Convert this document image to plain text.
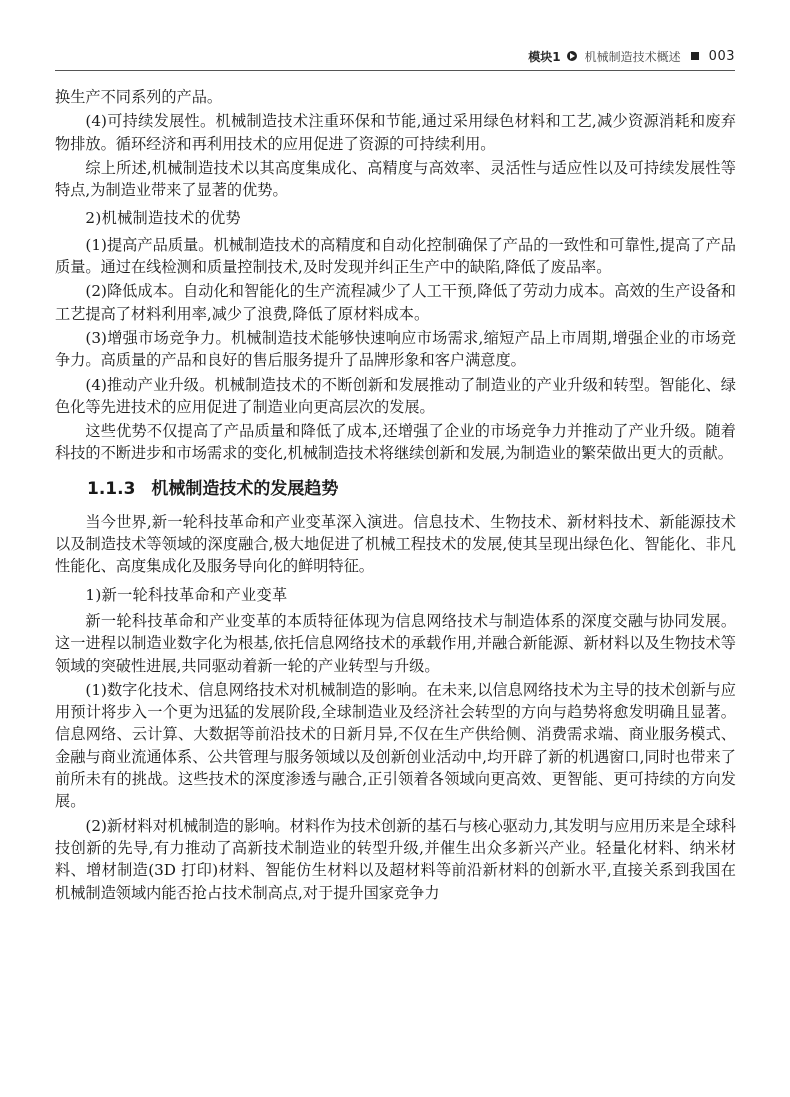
模块1 机械制造技术概述 003

换生产不同系列的产品。

(4)可持续发展性。机械制造技术注重环保和节能,通过采用绿色材料和工艺,减少资源消耗和废弃物排放。循环经济和再利用技术的应用促进了资源的可持续利用。

综上所述,机械制造技术以其高度集成化、高精度与高效率、灵活性与适应性以及可持续发展性等特点,为制造业带来了显著的优势。

2)机械制造技术的优势

(1)提高产品质量。机械制造技术的高精度和自动化控制确保了产品的一致性和可靠性,提高了产品质量。通过在线检测和质量控制技术,及时发现并纠正生产中的缺陷,降低了废品率。

(2)降低成本。自动化和智能化的生产流程减少了人工干预,降低了劳动力成本。高效的生产设备和工艺提高了材料利用率,减少了浪费,降低了原材料成本。

(3)增强市场竞争力。机械制造技术能够快速响应市场需求,缩短产品上市周期,增强企业的市场竞争力。高质量的产品和良好的售后服务提升了品牌形象和客户满意度。

(4)推动产业升级。机械制造技术的不断创新和发展推动了制造业的产业升级和转型。智能化、绿色化等先进技术的应用促进了制造业向更高层次的发展。

这些优势不仅提高了产品质量和降低了成本,还增强了企业的市场竞争力并推动了产业升级。随着科技的不断进步和市场需求的变化,机械制造技术将继续创新和发展,为制造业的繁荣做出更大的贡献。

1.1.3 机械制造技术的发展趋势

当今世界,新一轮科技革命和产业变革深入演进。信息技术、生物技术、新材料技术、新能源技术以及制造技术等领域的深度融合,极大地促进了机械工程技术的发展,使其呈现出绿色化、智能化、非凡性能化、高度集成化及服务导向化的鲜明特征。

1)新一轮科技革命和产业变革

新一轮科技革命和产业变革的本质特征体现为信息网络技术与制造体系的深度交融与协同发展。这一进程以制造业数字化为根基,依托信息网络技术的承载作用,并融合新能源、新材料以及生物技术等领域的突破性进展,共同驱动着新一轮的产业转型与升级。

(1)数字化技术、信息网络技术对机械制造的影响。在未来,以信息网络技术为主导的技术创新与应用预计将步入一个更为迅猛的发展阶段,全球制造业及经济社会转型的方向与趋势将愈发明确且显著。信息网络、云计算、大数据等前沿技术的日新月异,不仅在生产供给侧、消费需求端、商业服务模式、金融与商业流通体系、公共管理与服务领域以及创新创业活动中,均开辟了新的机遇窗口,同时也带来了前所未有的挑战。这些技术的深度渗透与融合,正引领着各领域向更高效、更智能、更可持续的方向发展。

(2)新材料对机械制造的影响。材料作为技术创新的基石与核心驱动力,其发明与应用历来是全球科技创新的先导,有力推动了高新技术制造业的转型升级,并催生出众多新兴产业。轻量化材料、纳米材料、增材制造(3D 打印)材料、智能仿生材料以及超材料等前沿新材料的创新水平,直接关系到我国在机械制造领域内能否抢占技术制高点,对于提升国家竞争力
